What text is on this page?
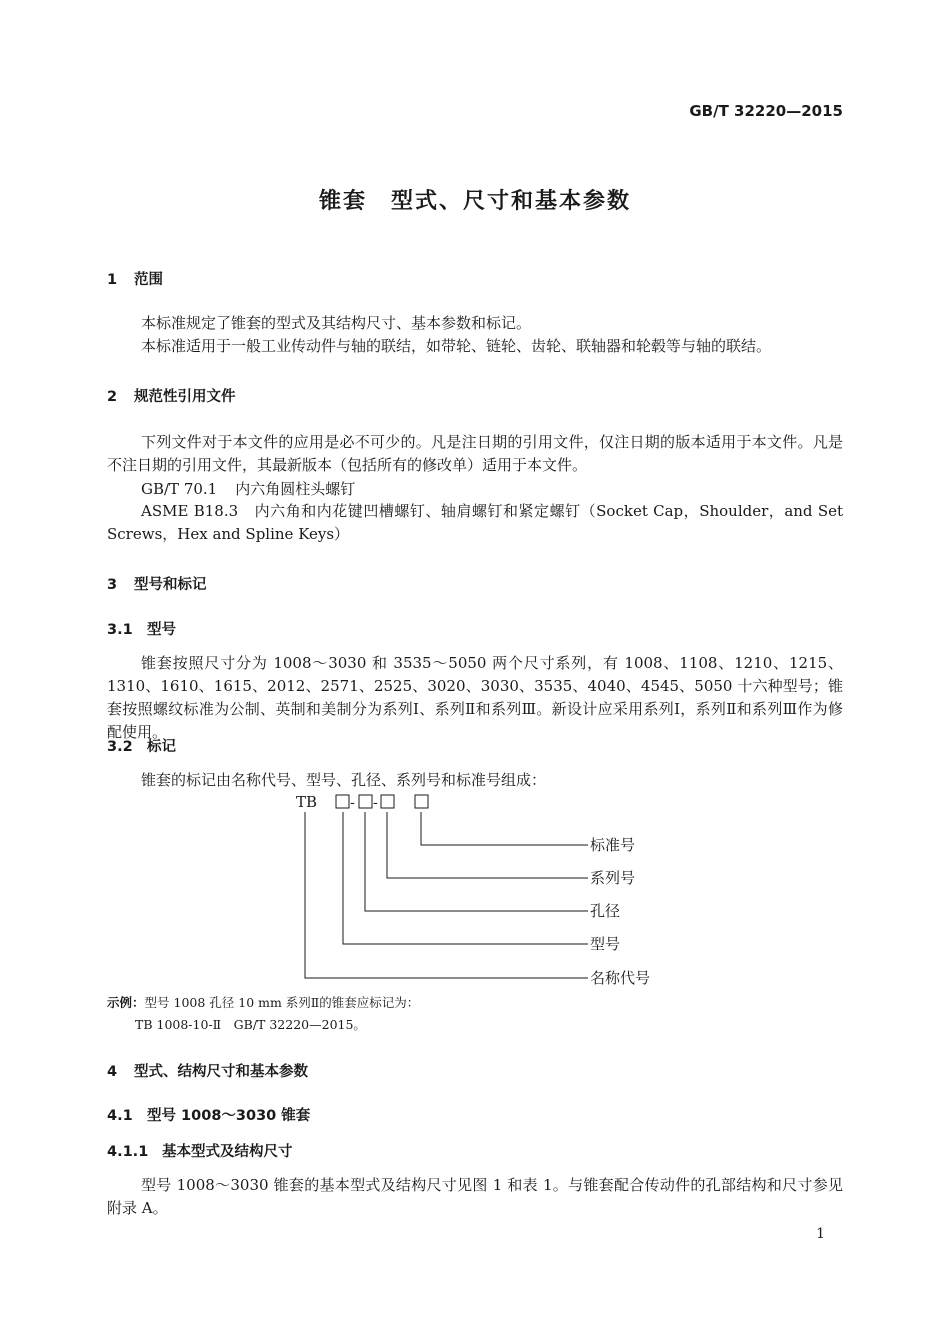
GB/T 32220—2015
锥套　型式、尺寸和基本参数
1 范围
本标准规定了锥套的型式及其结构尺寸、基本参数和标记。
本标准适用于一般工业传动件与轴的联结，如带轮、链轮、齿轮、联轴器和轮毂等与轴的联结。
2 规范性引用文件
下列文件对于本文件的应用是必不可少的。凡是注日期的引用文件，仅注日期的版本适用于本文件。凡是不注日期的引用文件，其最新版本（包括所有的修改单）适用于本文件。
GB/T 70.1 内六角圆柱头螺钉
ASME B18.3 内六角和内花键凹槽螺钉、轴肩螺钉和紧定螺钉（Socket Cap，Shoulder，and Set Screws，Hex and Spline Keys）
3 型号和标记
3.1 型号
锥套按照尺寸分为 1008～3030 和 3535～5050 两个尺寸系列，有 1008、1108、1210、1215、1310、1610、1615、2012、2571、2525、3020、3030、3535、4040、4545、5050 十六种型号；锥套按照螺纹标准为公制、英制和美制分为系列Ⅰ、系列Ⅱ和系列Ⅲ。新设计应采用系列Ⅰ，系列Ⅱ和系列Ⅲ作为修配使用。
3.2 标记
锥套的标记由名称代号、型号、孔径、系列号和标准号组成：
TB - -
标准号
系列号
孔径
型号
名称代号
示例：型号 1008 孔径 10 mm 系列Ⅱ的锥套应标记为：
TB 1008-10-Ⅱ　GB/T 32220—2015。
4 型式、结构尺寸和基本参数
4.1 型号 1008～3030 锥套
4.1.1 基本型式及结构尺寸
型号 1008～3030 锥套的基本型式及结构尺寸见图 1 和表 1。与锥套配合传动件的孔部结构和尺寸参见附录 A。
1
